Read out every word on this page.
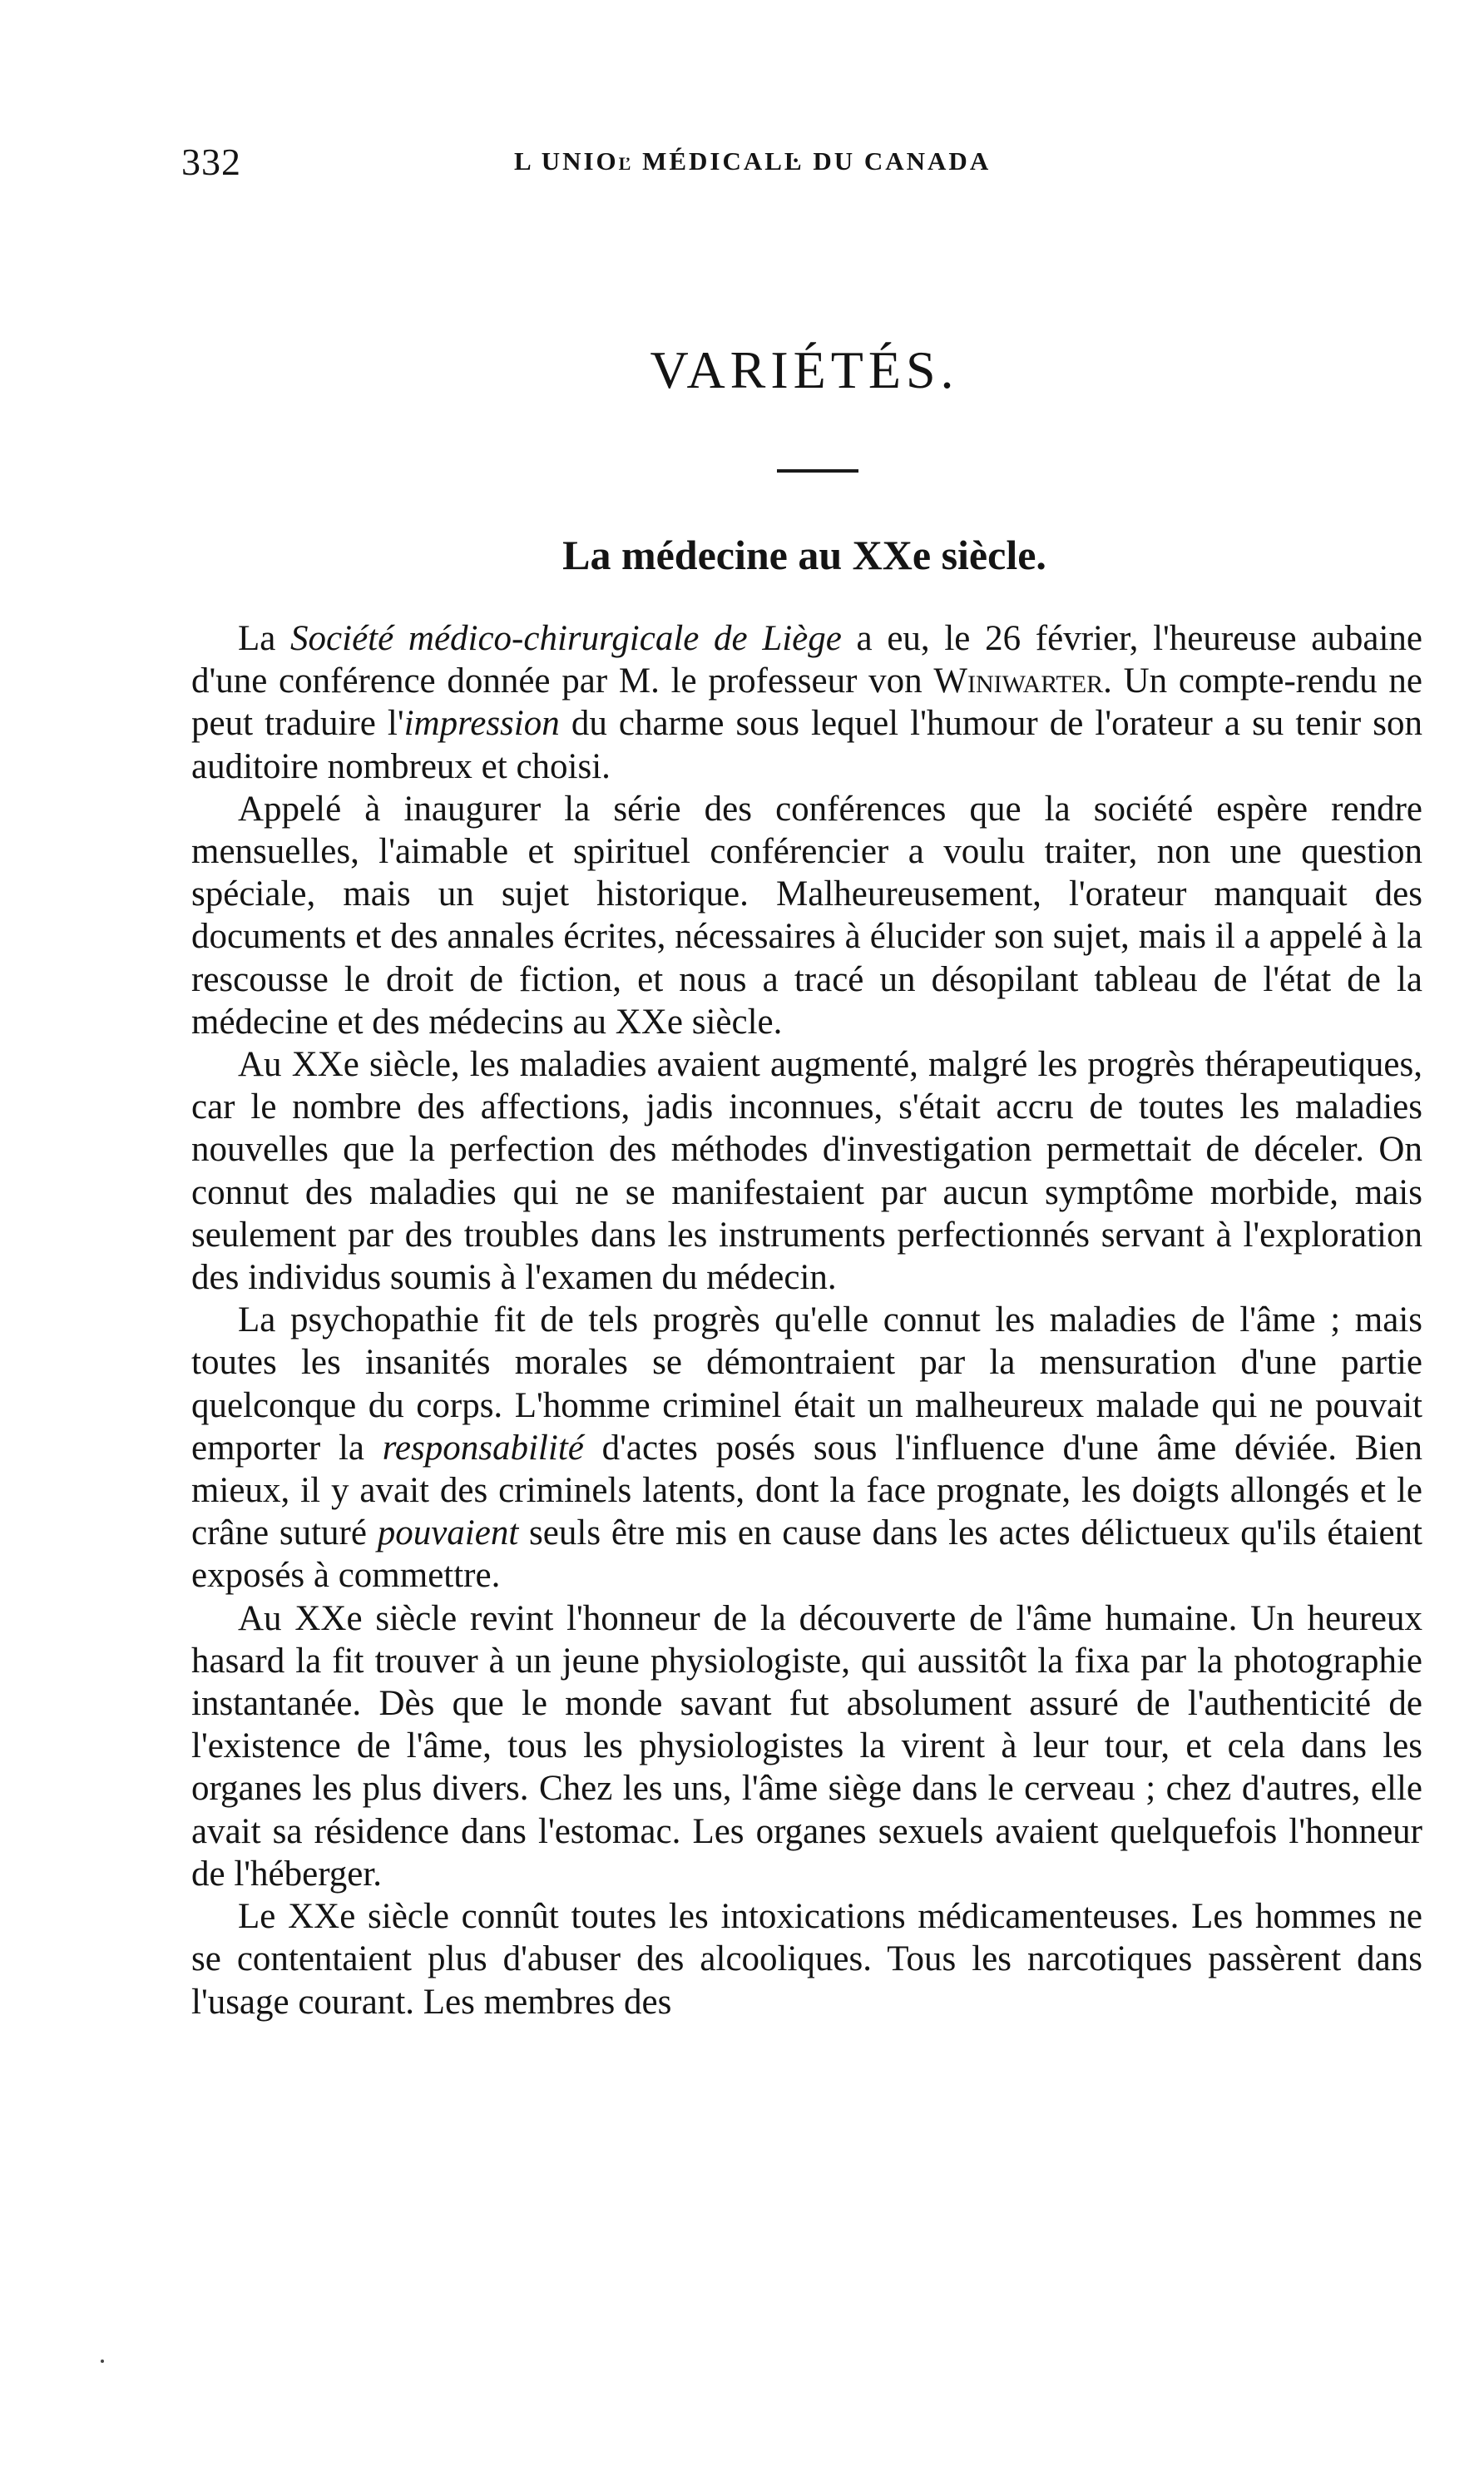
332	L UNIOľ MÉDICALĿ DU CANADA
VARIÉTÉS.
La médecine au XXe siècle.

La Société médico-chirurgicale de Liège a eu, le 26 février, l'heureuse aubaine d'une conférence donnée par M. le professeur von Winiwarter. Un compte-rendu ne peut traduire l'impression du charme sous lequel l'humour de l'orateur a su tenir son auditoire nombreux et choisi.

Appelé à inaugurer la série des conférences que la société espère rendre mensuelles, l'aimable et spirituel conférencier a voulu traiter, non une question spéciale, mais un sujet historique. Malheureusement, l'orateur manquait des documents et des annales écrites, nécessaires à élucider son sujet, mais il a appelé à la rescousse le droit de fiction, et nous a tracé un désopilant tableau de l'état de la médecine et des médecins au XXe siècle.

Au XXe siècle, les maladies avaient augmenté, malgré les progrès thérapeutiques, car le nombre des affections, jadis inconnues, s'était accru de toutes les maladies nouvelles que la perfection des méthodes d'investigation permettait de déceler. On connut des maladies qui ne se manifestaient par aucun symptôme morbide, mais seulement par des troubles dans les instruments perfectionnés servant à l'exploration des individus soumis à l'examen du médecin.

La psychopathie fit de tels progrès qu'elle connut les maladies de l'âme ; mais toutes les insanités morales se démontraient par la mensuration d'une partie quelconque du corps. L'homme criminel était un malheureux malade qui ne pouvait emporter la responsabilité d'actes posés sous l'influence d'une âme déviée. Bien mieux, il y avait des criminels latents, dont la face prognate, les doigts allongés et le crâne suturé pouvaient seuls être mis en cause dans les actes délictueux qu'ils étaient exposés à commettre.

Au XXe siècle revint l'honneur de la découverte de l'âme humaine. Un heureux hasard la fit trouver à un jeune physiologiste, qui aussitôt la fixa par la photographie instantanée. Dès que le monde savant fut absolument assuré de l'authenticité de l'existence de l'âme, tous les physiologistes la virent à leur tour, et cela dans les organes les plus divers. Chez les uns, l'âme siège dans le cerveau ; chez d'autres, elle avait sa résidence dans l'estomac. Les organes sexuels avaient quelquefois l'honneur de l'héberger.

Le XXe siècle connût toutes les intoxications médicamenteuses. Les hommes ne se contentaient plus d'abuser des alcooliques. Tous les narcotiques passèrent dans l'usage courant. Les membres des
